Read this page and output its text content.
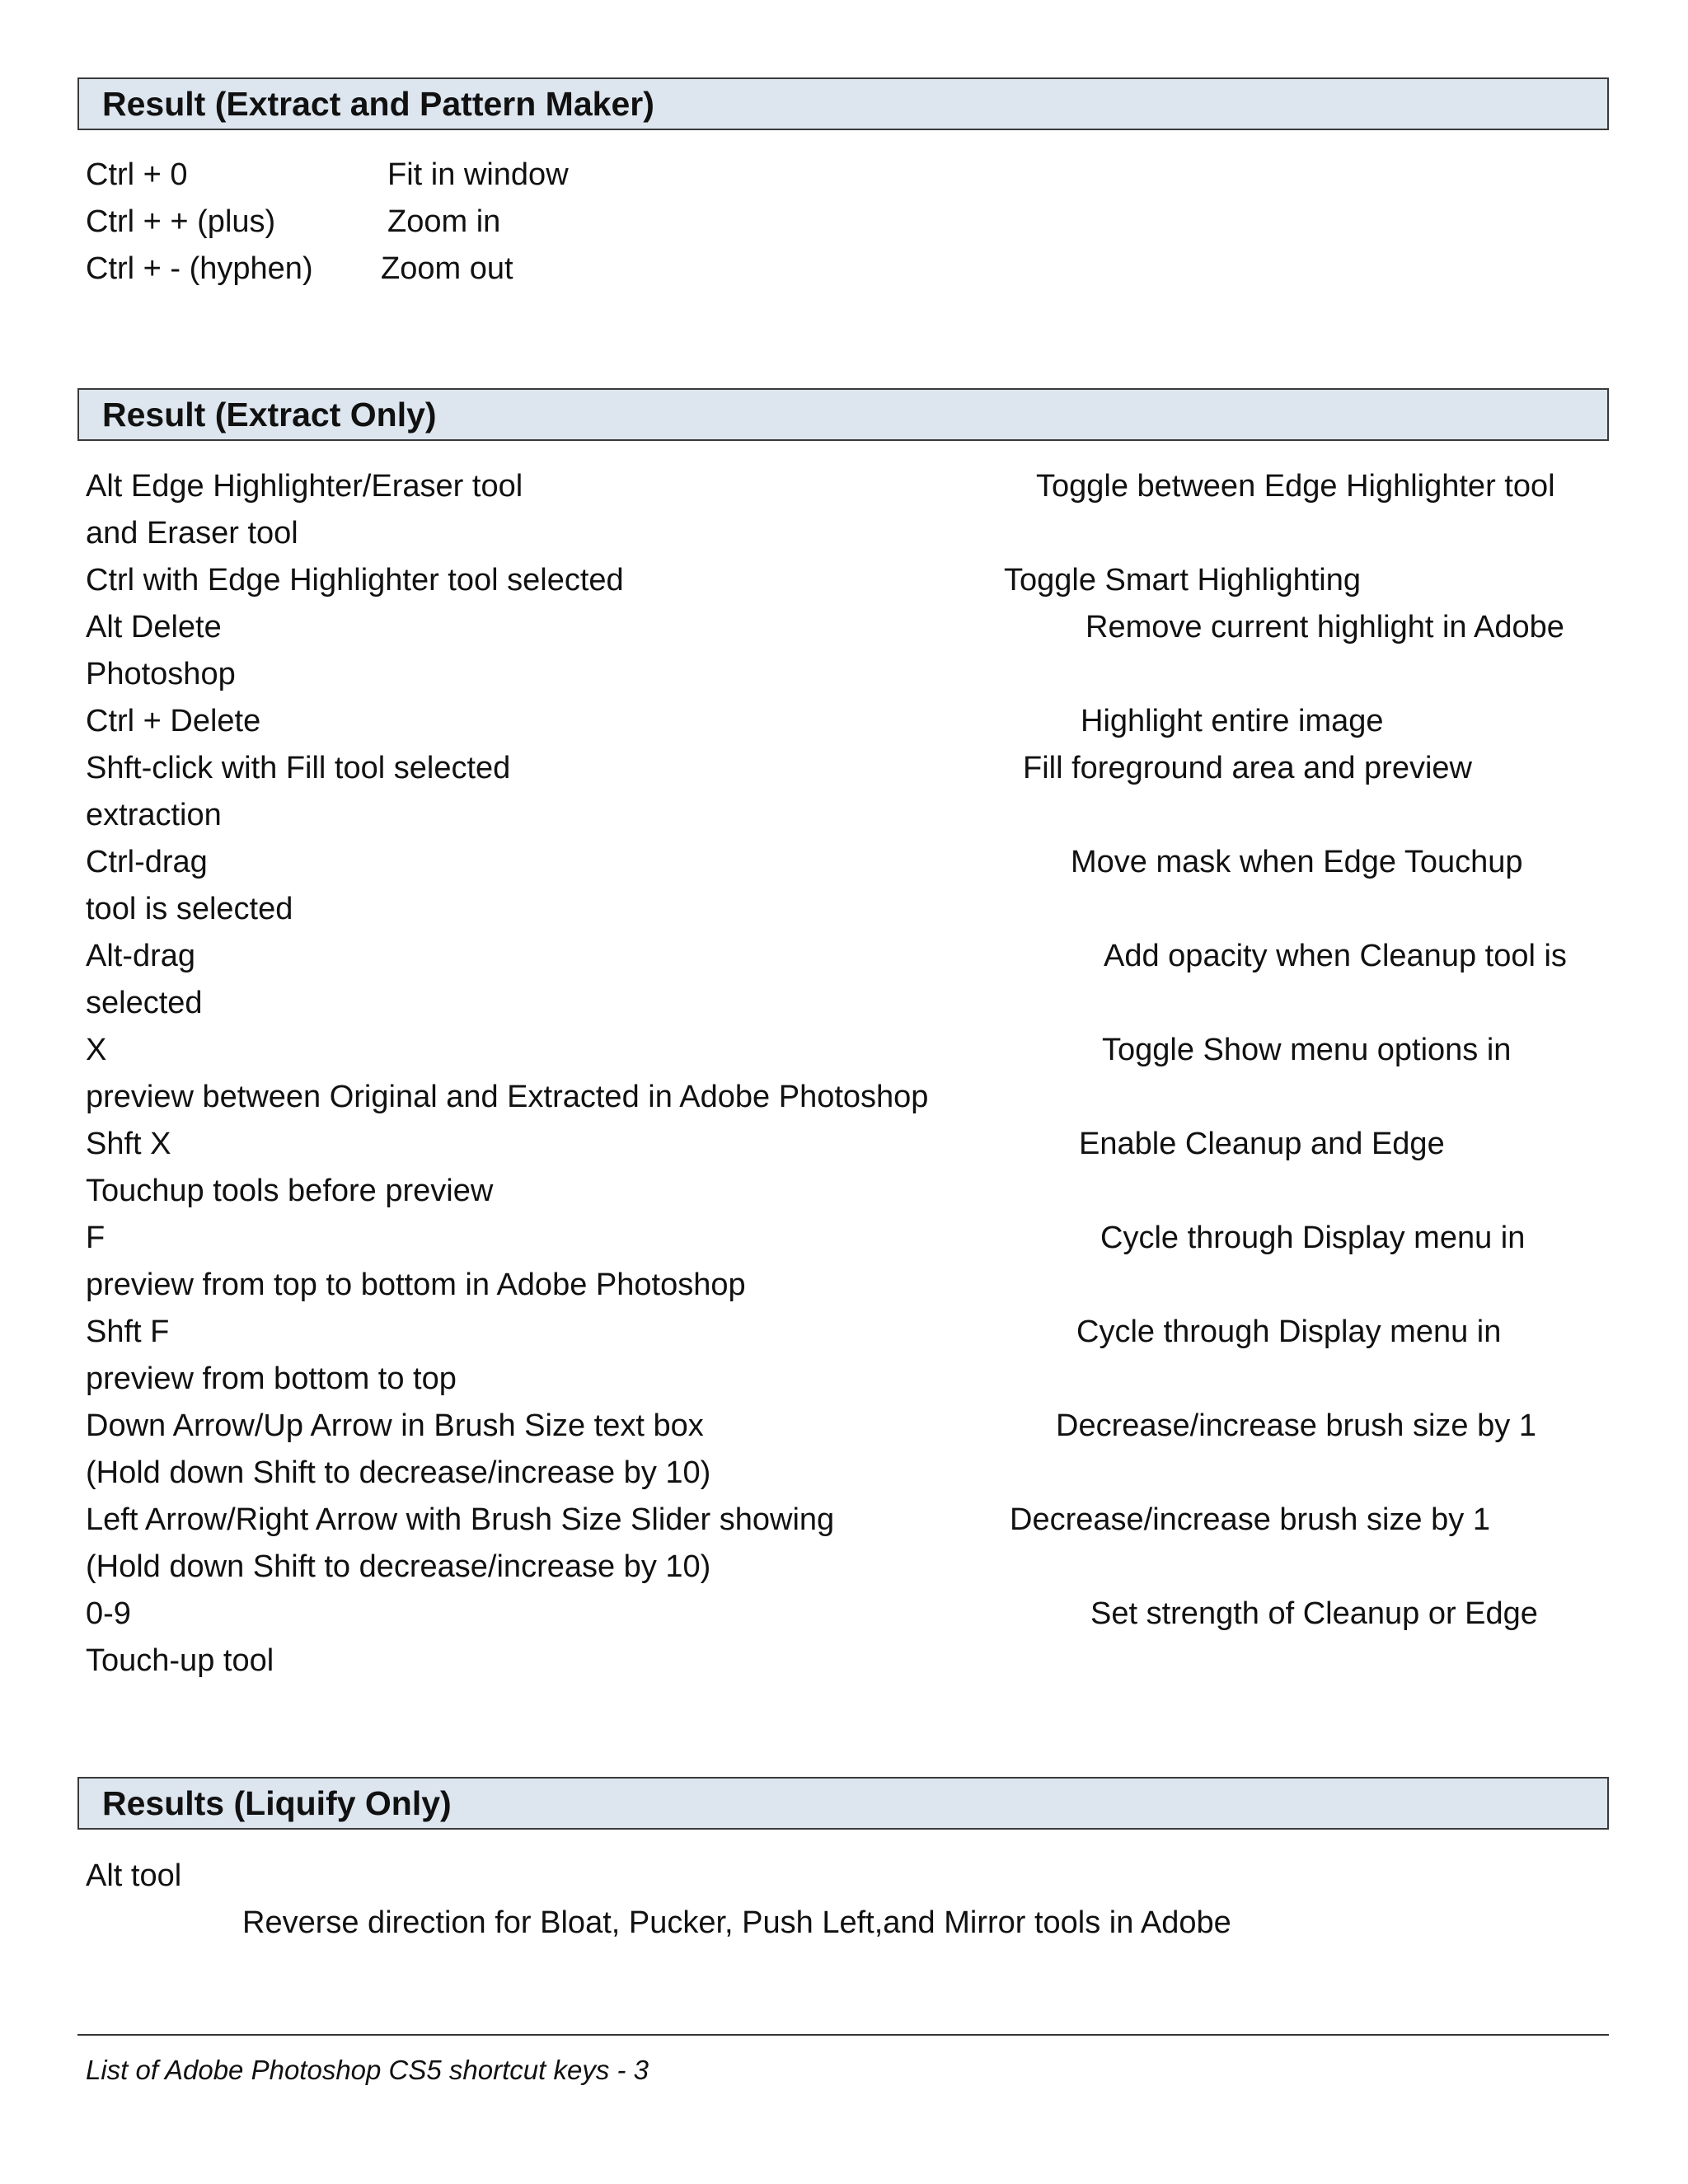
Result (Extract and Pattern Maker)
Ctrl + 0	Fit in window
Ctrl + + (plus)	Zoom in
Ctrl + - (hyphen) Zoom out
Result (Extract Only)
Alt Edge Highlighter/Eraser tool	Toggle between Edge Highlighter tool
and Eraser tool
Ctrl with Edge Highlighter tool selected	Toggle Smart Highlighting
Alt Delete	Remove current highlight in Adobe
Photoshop
Ctrl + Delete	Highlight entire image
Shft-click with Fill tool selected	Fill foreground area and preview
extraction
Ctrl-drag	Move mask when Edge Touchup
tool is selected
Alt-drag	Add opacity when Cleanup tool is
selected
X	Toggle Show menu options in
preview between Original and Extracted in Adobe Photoshop
Shft X	Enable Cleanup and Edge
Touchup tools before preview
F	Cycle through Display menu in
preview from top to bottom in Adobe Photoshop
Shft F	Cycle through Display menu in
preview from bottom to top
Down Arrow/Up Arrow in Brush Size text box	Decrease/increase brush size by 1
(Hold down Shift to decrease/increase by 10)
Left Arrow/Right Arrow with Brush Size Slider showing	Decrease/increase brush size by 1
(Hold down Shift to decrease/increase by 10)
0-9	Set strength of Cleanup or Edge
Touch-up tool
Results (Liquify Only)
Alt tool
Reverse direction for Bloat, Pucker, Push Left,and Mirror tools in Adobe
List of Adobe Photoshop CS5 shortcut keys - 3
